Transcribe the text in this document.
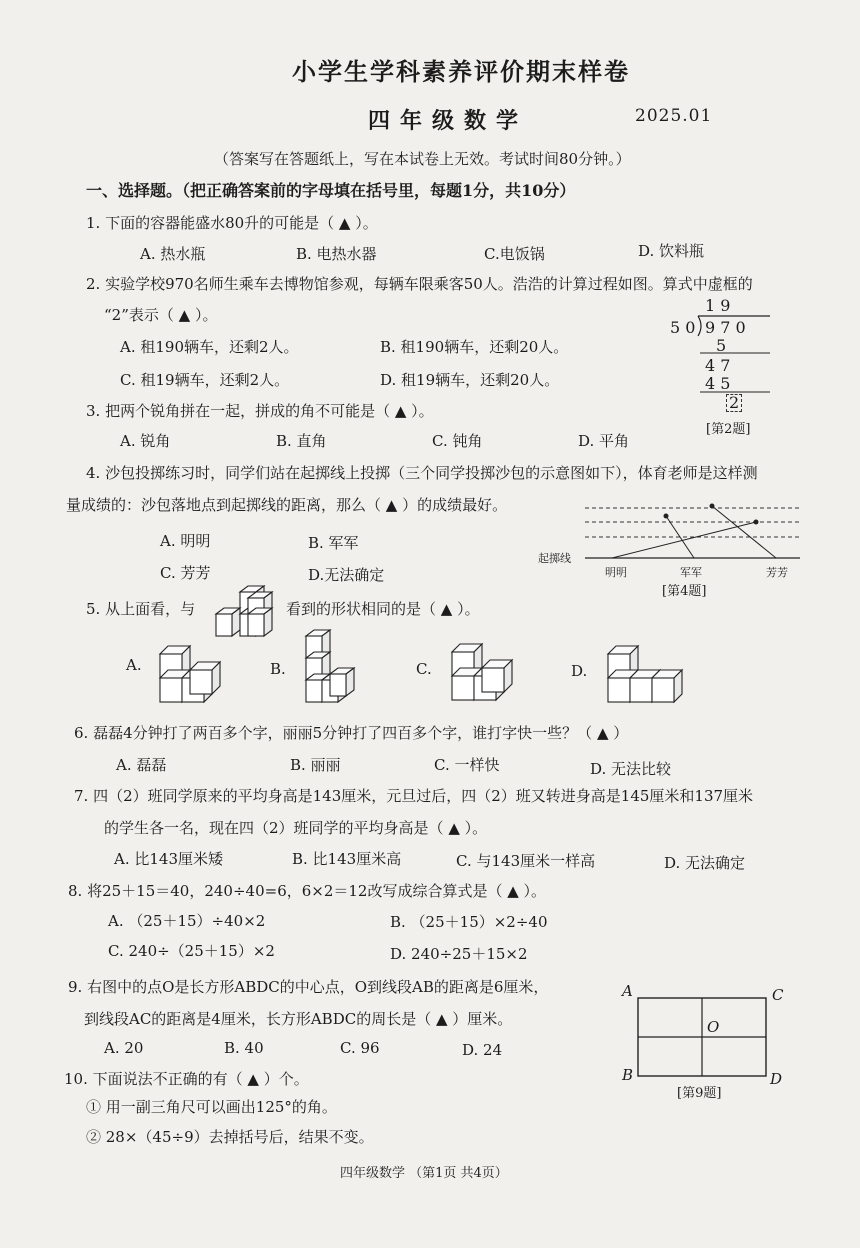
小学生学科素养评价期末样卷
四年级数学	2025.01
（答案写在答题纸上，写在本试卷上无效。考试时间80分钟。）
一、选择题。（把正确答案前的字母填在括号里，每题1分，共10分）
1. 下面的容器能盛水80升的可能是（ ▲ ）。
A. 热水瓶	B. 电热水器	C.电饭锅	D. 饮料瓶
2. 实验学校970名师生乘车去博物馆参观，每辆车限乘客50人。浩浩的计算过程如图。算式中虚框的
“2”表示（ ▲ ）。
A. 租190辆车，还剩2人。	B. 租190辆车，还剩20人。
C. 租19辆车，还剩2人。	D. 租19辆车，还剩20人。
1 9
5 0 9 7 0
5
4 7
4 5
2
[第2题]
3. 把两个锐角拼在一起，拼成的角不可能是（ ▲ ）。
A. 锐角	B. 直角	C. 钝角	D. 平角
4. 沙包投掷练习时，同学们站在起掷线上投掷（三个同学投掷沙包的示意图如下），体育老师是这样测
量成绩的：沙包落地点到起掷线的距离，那么（ ▲ ）的成绩最好。
A. 明明	B. 军军
C. 芳芳	D.无法确定
起掷线
明明	军军	芳芳
[第4题]
5. 从上面看，与	看到的形状相同的是（ ▲ ）。
A.	B.	C.	D.
6. 磊磊4分钟打了两百多个字，丽丽5分钟打了四百多个字，谁打字快一些？（ ▲ ）
A. 磊磊	B. 丽丽	C. 一样快	D. 无法比较
7. 四（2）班同学原来的平均身高是143厘米，元旦过后，四（2）班又转进身高是145厘米和137厘米
的学生各一名，现在四（2）班同学的平均身高是（ ▲ ）。
A. 比143厘米矮	B. 比143厘米高	C. 与143厘米一样高	D. 无法确定
8. 将25＋15＝40，240÷40=6，6×2＝12改写成综合算式是（ ▲ ）。
A. （25＋15）÷40×2	B. （25＋15）×2÷40
C. 240÷（25＋15）×2	D. 240÷25＋15×2
9. 右图中的点O是长方形ABDC的中心点，O到线段AB的距离是6厘米，
到线段AC的距离是4厘米，长方形ABDC的周长是（ ▲ ）厘米。
A. 20	B. 40	C. 96	D. 24
A	C
B	D
O
[第9题]
10. 下面说法不正确的有（ ▲ ）个。
① 用一副三角尺可以画出125°的角。
② 28×（45÷9）去掉括号后，结果不变。
四年级数学 （第1页 共4页）
